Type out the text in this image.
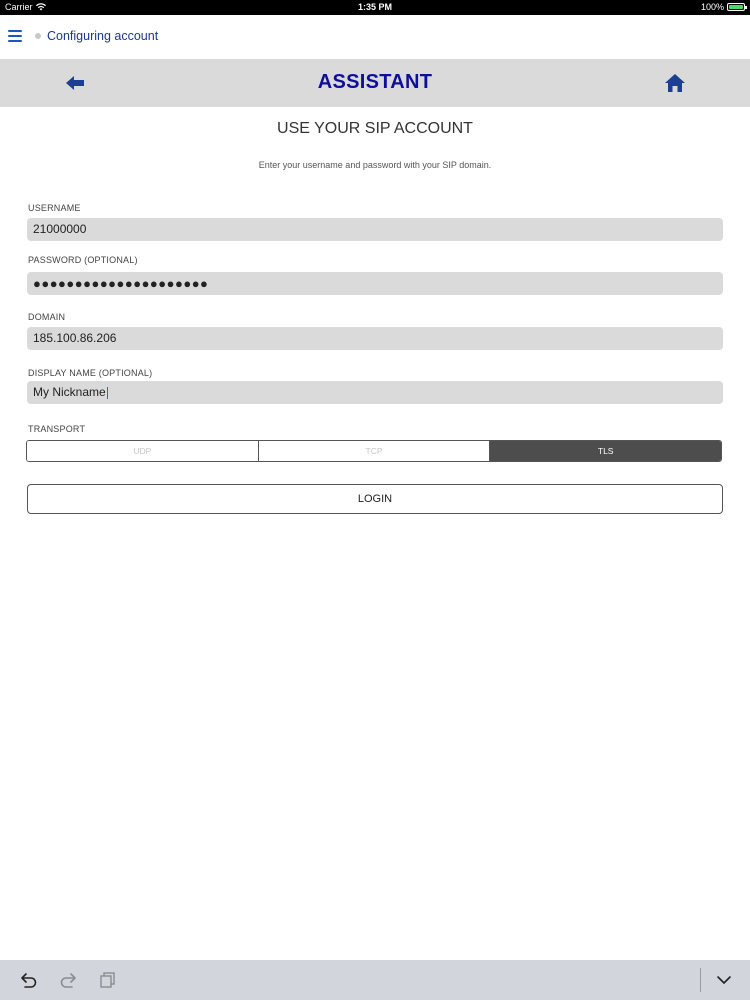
Carrier	1:35 PM	100%
Configuring account
ASSISTANT
USE YOUR SIP ACCOUNT
Enter your username and password with your SIP domain.
USERNAME
21000000
PASSWORD (OPTIONAL)
●●●●●●●●●●●●●●●●●●●●●
DOMAIN
185.100.86.206
DISPLAY NAME (OPTIONAL)
My Nickname
TRANSPORT
UDP	TCP	TLS
LOGIN
